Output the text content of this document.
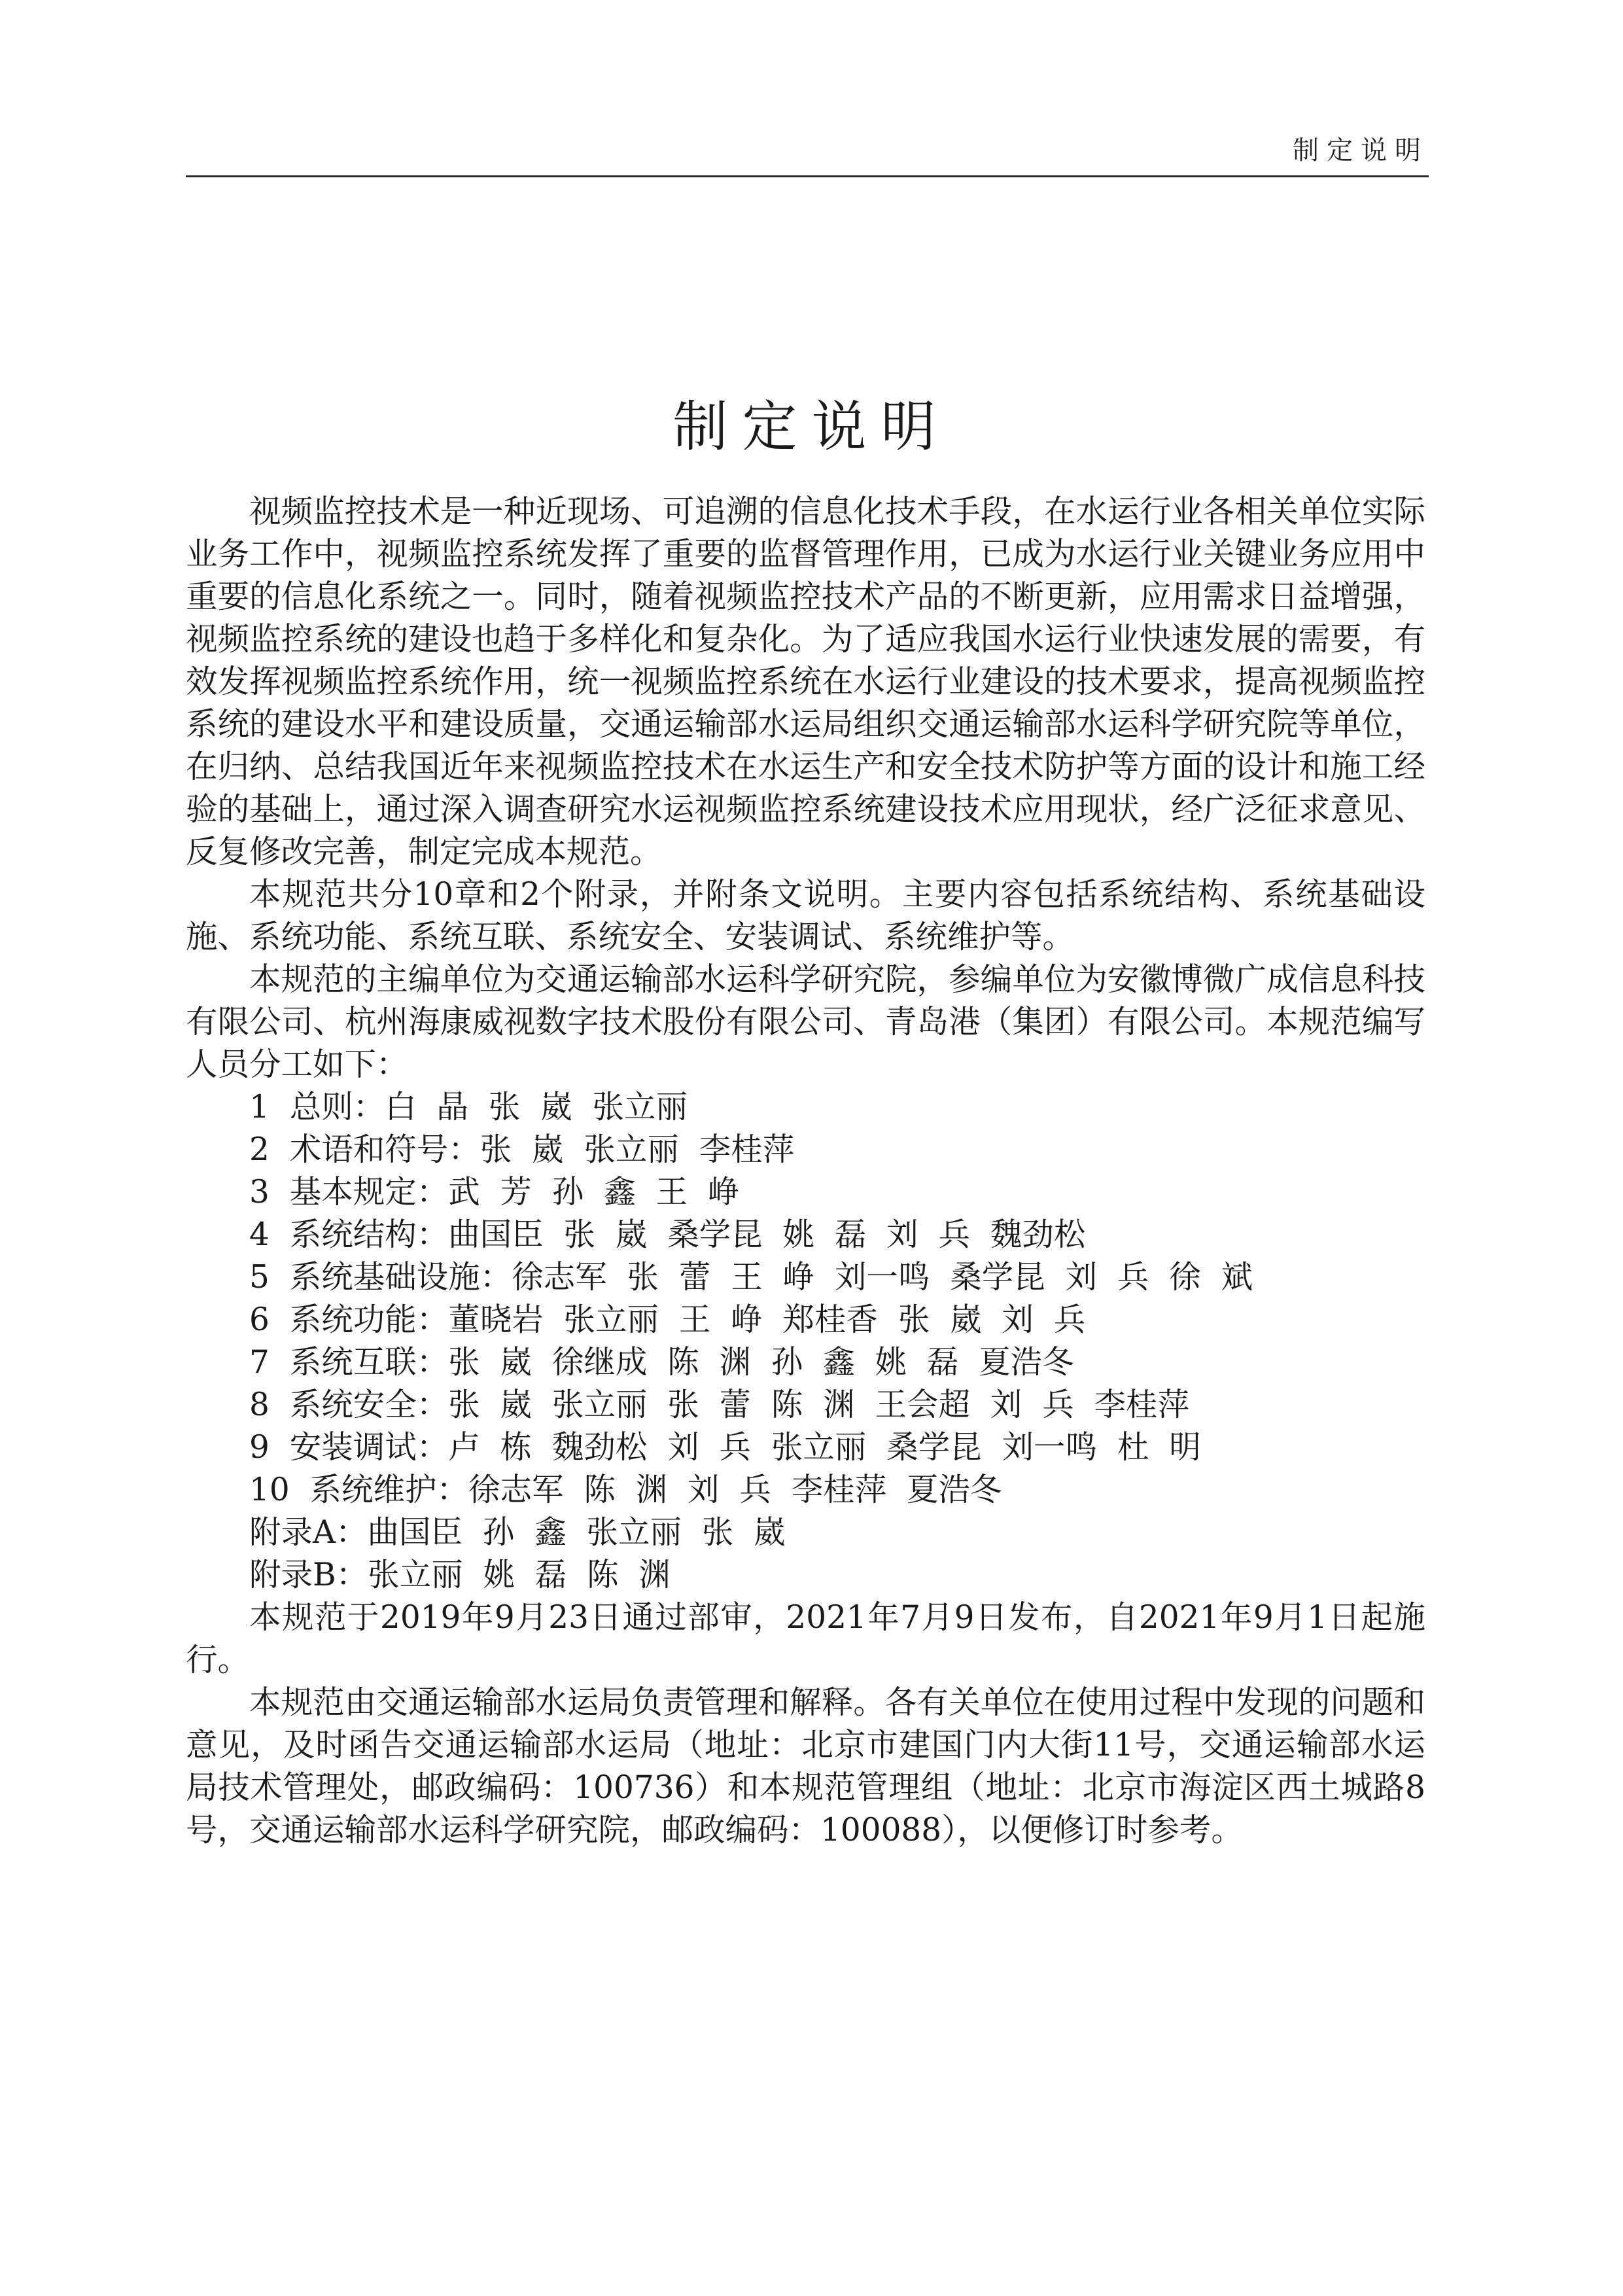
制定说明
制定说明

视频监控技术是一种近现场、可追溯的信息化技术手段，在水运行业各相关单位实际业务工作中，视频监控系统发挥了重要的监督管理作用，已成为水运行业关键业务应用中重要的信息化系统之一。同时，随着视频监控技术产品的不断更新，应用需求日益增强，视频监控系统的建设也趋于多样化和复杂化。为了适应我国水运行业快速发展的需要，有效发挥视频监控系统作用，统一视频监控系统在水运行业建设的技术要求，提高视频监控系统的建设水平和建设质量，交通运输部水运局组织交通运输部水运科学研究院等单位，在归纳、总结我国近年来视频监控技术在水运生产和安全技术防护等方面的设计和施工经验的基础上，通过深入调查研究水运视频监控系统建设技术应用现状，经广泛征求意见、反复修改完善，制定完成本规范。

本规范共分10章和2个附录，并附条文说明。主要内容包括系统结构、系统基础设施、系统功能、系统互联、系统安全、安装调试、系统维护等。

本规范的主编单位为交通运输部水运科学研究院，参编单位为安徽博微广成信息科技有限公司、杭州海康威视数字技术股份有限公司、青岛港（集团）有限公司。本规范编写人员分工如下：

1  总则：白  晶  张  崴  张立丽
2  术语和符号：张  崴  张立丽  李桂萍
3  基本规定：武  芳  孙  鑫  王  峥
4  系统结构：曲国臣  张  崴  桑学昆  姚  磊  刘  兵  魏劲松
5  系统基础设施：徐志军  张  蕾  王  峥  刘一鸣  桑学昆  刘  兵  徐  斌
6  系统功能：董晓岩  张立丽  王  峥  郑桂香  张  崴  刘  兵
7  系统互联：张  崴  徐继成  陈  渊  孙  鑫  姚  磊  夏浩冬
8  系统安全：张  崴  张立丽  张  蕾  陈  渊  王会超  刘  兵  李桂萍
9  安装调试：卢  栋  魏劲松  刘  兵  张立丽  桑学昆  刘一鸣  杜  明
10  系统维护：徐志军  陈  渊  刘  兵  李桂萍  夏浩冬
附录A：曲国臣  孙  鑫  张立丽  张  崴
附录B：张立丽  姚  磊  陈  渊

本规范于2019年9月23日通过部审，2021年7月9日发布，自2021年9月1日起施行。

本规范由交通运输部水运局负责管理和解释。各有关单位在使用过程中发现的问题和意见，及时函告交通运输部水运局（地址：北京市建国门内大街11号，交通运输部水运局技术管理处，邮政编码：100736）和本规范管理组（地址：北京市海淀区西土城路8号，交通运输部水运科学研究院，邮政编码：100088），以便修订时参考。
